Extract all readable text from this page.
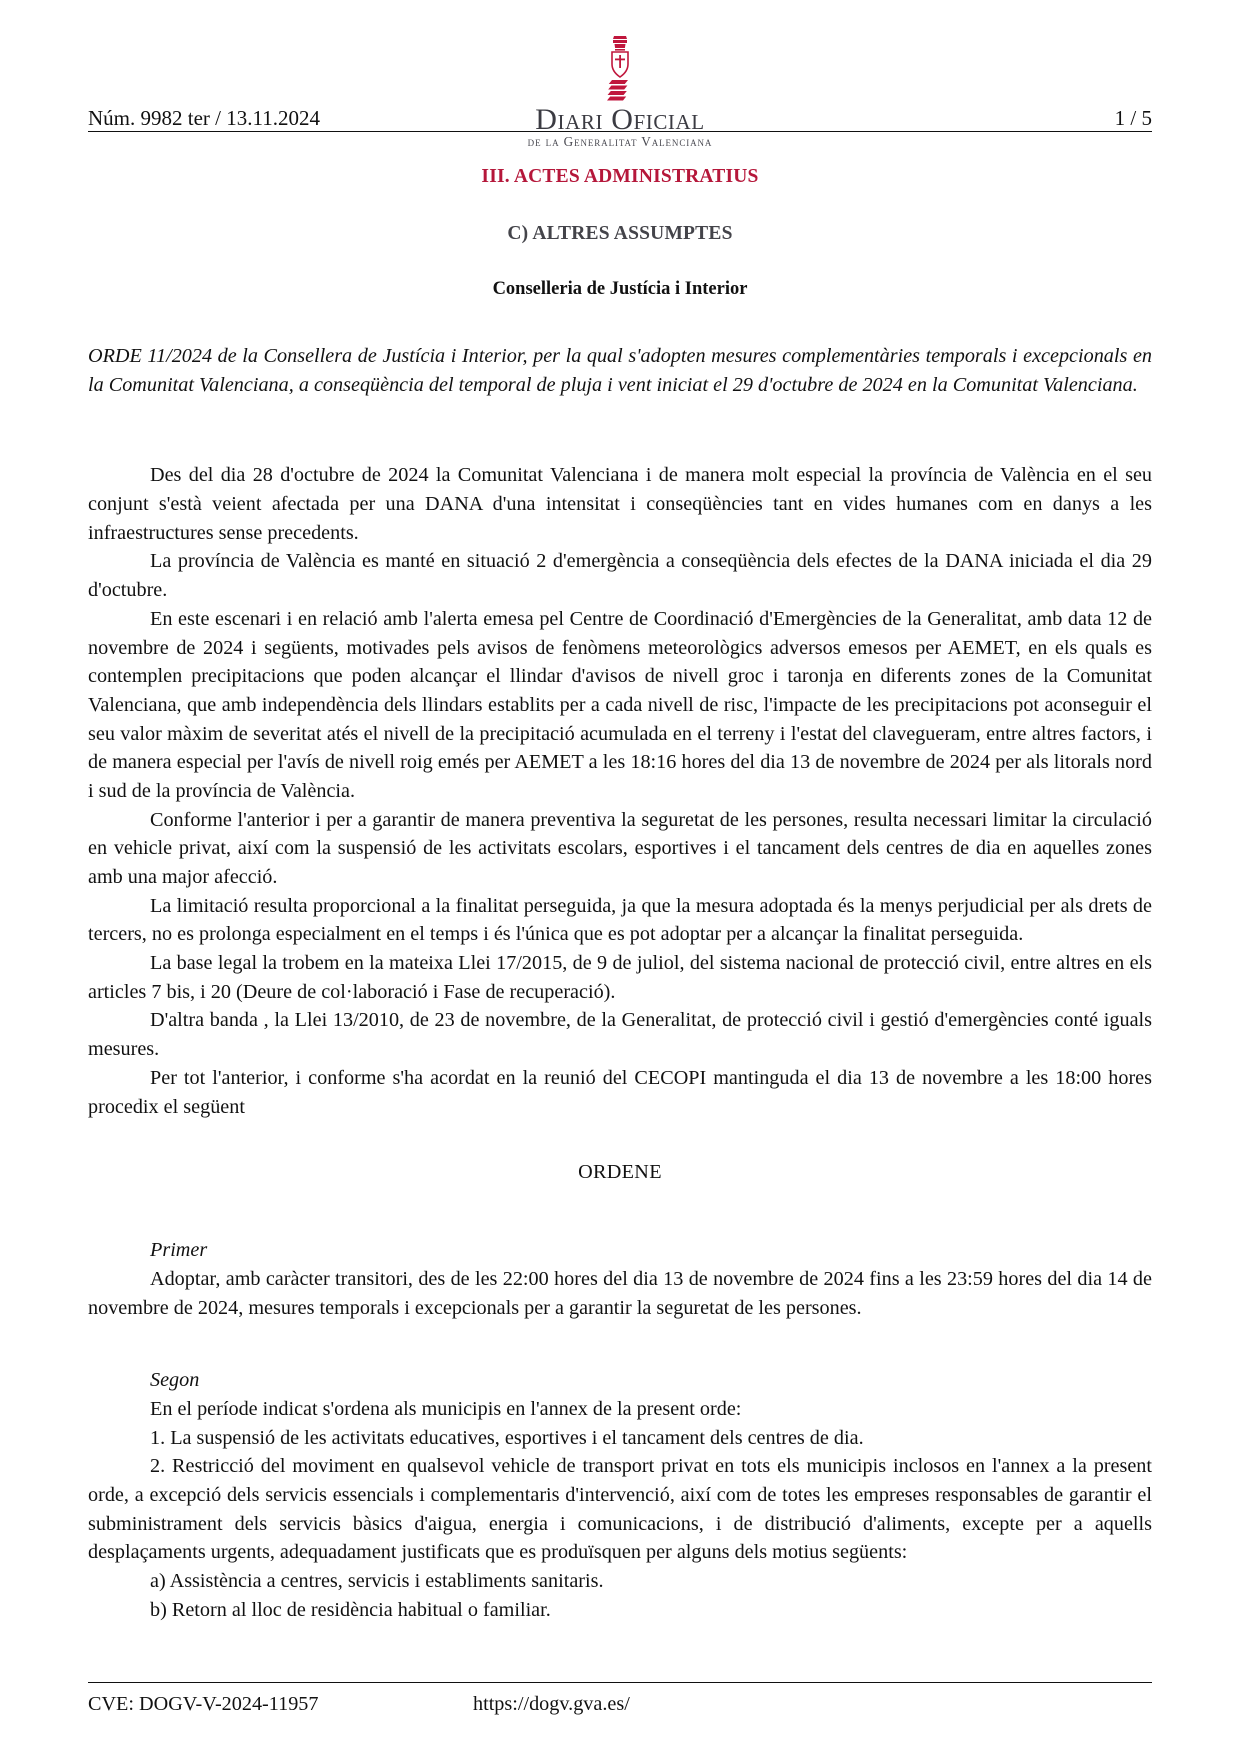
Diari Oficial
de la Generalitat Valenciana
Núm. 9982 ter / 13.11.2024	1 / 5
III. ACTES ADMINISTRATIUS
C) ALTRES ASSUMPTES
Conselleria de Justícia i Interior
ORDE 11/2024 de la Consellera de Justícia i Interior, per la qual s'adopten mesures complementàries temporals i excepcionals en la Comunitat Valenciana, a conseqüència del temporal de pluja i vent iniciat el 29 d'octubre de 2024 en la Comunitat Valenciana.

Des del dia 28 d'octubre de 2024 la Comunitat Valenciana i de manera molt especial la província de València en el seu conjunt s'està veient afectada per una DANA d'una intensitat i conseqüències tant en vides humanes com en danys a les infraestructures sense precedents.

La província de València es manté en situació 2 d'emergència a conseqüència dels efectes de la DANA iniciada el dia 29 d'octubre.

En este escenari i en relació amb l'alerta emesa pel Centre de Coordinació d'Emergències de la Generalitat, amb data 12 de novembre de 2024 i següents, motivades pels avisos de fenòmens meteorològics adversos emesos per AEMET, en els quals es contemplen precipitacions que poden alcançar el llindar d'avisos de nivell groc i taronja en diferents zones de la Comunitat Valenciana, que amb independència dels llindars establits per a cada nivell de risc, l'impacte de les precipitacions pot aconseguir el seu valor màxim de severitat atés el nivell de la precipitació acumulada en el terreny i l'estat del clavegueram, entre altres factors, i de manera especial per l'avís de nivell roig emés per AEMET a les 18:16 hores del dia 13 de novembre de 2024 per als litorals nord i sud de la província de València.

Conforme l'anterior i per a garantir de manera preventiva la seguretat de les persones, resulta necessari limitar la circulació en vehicle privat, així com la suspensió de les activitats escolars, esportives i el tancament dels centres de dia en aquelles zones amb una major afecció.

La limitació resulta proporcional a la finalitat perseguida, ja que la mesura adoptada és la menys perjudicial per als drets de tercers, no es prolonga especialment en el temps i és l'única que es pot adoptar per a alcançar la finalitat perseguida.

La base legal la trobem en la mateixa Llei 17/2015, de 9 de juliol, del sistema nacional de protecció civil, entre altres en els articles 7 bis, i 20 (Deure de col·laboració i Fase de recuperació).

D'altra banda , la Llei 13/2010, de 23 de novembre, de la Generalitat, de protecció civil i gestió d'emergències conté iguals mesures.

Per tot l'anterior, i conforme s'ha acordat en la reunió del CECOPI mantinguda el dia 13 de novembre a les 18:00 hores procedix el següent

ORDENE
Primer

Adoptar, amb caràcter transitori, des de les 22:00 hores del dia 13 de novembre de 2024 fins a les 23:59 hores del dia 14 de novembre de 2024, mesures temporals i excepcionals per a garantir la seguretat de les persones.

Segon

En el període indicat s'ordena als municipis en l'annex de la present orde:

1. La suspensió de les activitats educatives, esportives i el tancament dels centres de dia.

2. Restricció del moviment en qualsevol vehicle de transport privat en tots els municipis inclosos en l'annex a la present orde, a excepció dels servicis essencials i complementaris d'intervenció, així com de totes les empreses responsables de garantir el subministrament dels servicis bàsics d'aigua, energia i comunicacions, i de distribució d'aliments, excepte per a aquells desplaçaments urgents, adequadament justificats que es produïsquen per alguns dels motius següents:

a) Assistència a centres, servicis i establiments sanitaris.

b) Retorn al lloc de residència habitual o familiar.

CVE: DOGV-V-2024-11957	https://dogv.gva.es/
